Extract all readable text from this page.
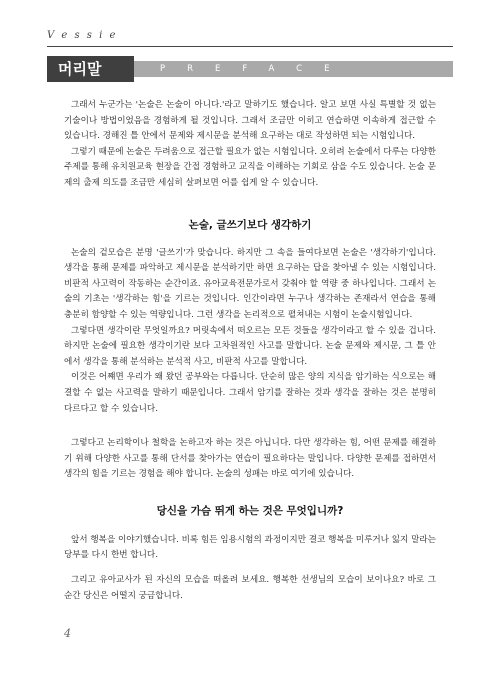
V e s s i e
머리말	PREFACE

그래서 누군가는 '논술은 논술이 아니다.'라고 말하기도 했습니다. 알고 보면 사실 특별할 것 없는 기술이나 방법이었음을 경험하게 될 것입니다. 그래서 조금만 이히고 연습하면 이속하게 접근할 수 있습니다. 경해진 틀 안에서 문제와 제시문을 분석해 요구하는 대로 작성하면 되는 시험입니다.

그렇기 때문에 논술은 두려움으로 접근할 필요가 없는 시험입니다. 오히려 논술에서 다루는 다양한 주제를 통해 유치원교육 현장을 간접 경험하고 교직을 이해하는 기회로 삼을 수도 있습니다. 논술 문제의 출제 의도를 조금만 세심히 살펴보면 어를 쉽게 알 수 있습니다.

논술, 글쓰기보다 생각하기

논술의 겉모습은 분명 '글쓰기'가 맞습니다. 하지만 그 속을 들여다보면 논술은 '생각하기'입니다. 생각을 통해 문제를 파악하고 제시문을 분석하기만 하면 요구하는 답을 찾아낼 수 있는 시험입니다. 비판적 사고력이 작동하는 순간이죠. 유아교육전문가로서 갖춰야 할 역량 중 하나입니다. 그래서 논술의 기초는 '생각하는 힘'을 기르는 것입니다. 인간이라면 누구나 생각하는 존재라서 연습을 통해 충분히 함양할 수 있는 역량입니다. 그런 생각을 논리적으로 펼쳐내는 시험이 논술시험입니다.

그렇다면 생각이란 무엇일까요? 머릿속에서 떠오르는 모든 것들을 생각이라고 할 수 있을 겁니다. 하지만 논술에 필요한 생각이기란 보다 고차원적인 사고를 말합니다. 논술 문제와 제시문, 그 틀 안에서 생각을 통해 분석하는 분석적 사고, 비판적 사고를 말합니다.

이것은 어쨰면 우리가 왜 왔던 공부와는 다릅니다. 단순히 많은 양의 지식을 암기하는 식으로는 해결할 수 없는 사고력을 말하기 때문입니다. 그래서 암기를 잘하는 것과 생각을 잘하는 것은 분명히 다르다고 할 수 있습니다.

그렇다고 논리학이나 철학을 논하고자 하는 것은 아닙니다. 다만 생각하는 힘, 어떤 문제를 해결하기 위해 다양한 사고를 통해 단서를 찾아가는 연습이 필요하다는 말입니다. 다양한 문제를 접하면서 생각의 힘을 기르는 경험을 해야 합니다. 논술의 성패는 바로 여기에 있습니다.

당신을 가슴 뛰게 하는 것은 무엇입니까?

앞서 행복을 이야기했습니다. 비록 힘든 임용시험의 과정이지만 결코 행복을 미루거나 잃지 말라는 당부를 다시 한번 합니다.

그리고 유아교사가 된 자신의 모습을 떠올려 보세요. 행복한 선생님의 모습이 보이나요? 바로 그 순간 당신은 어떨지 궁금합니다.

4
